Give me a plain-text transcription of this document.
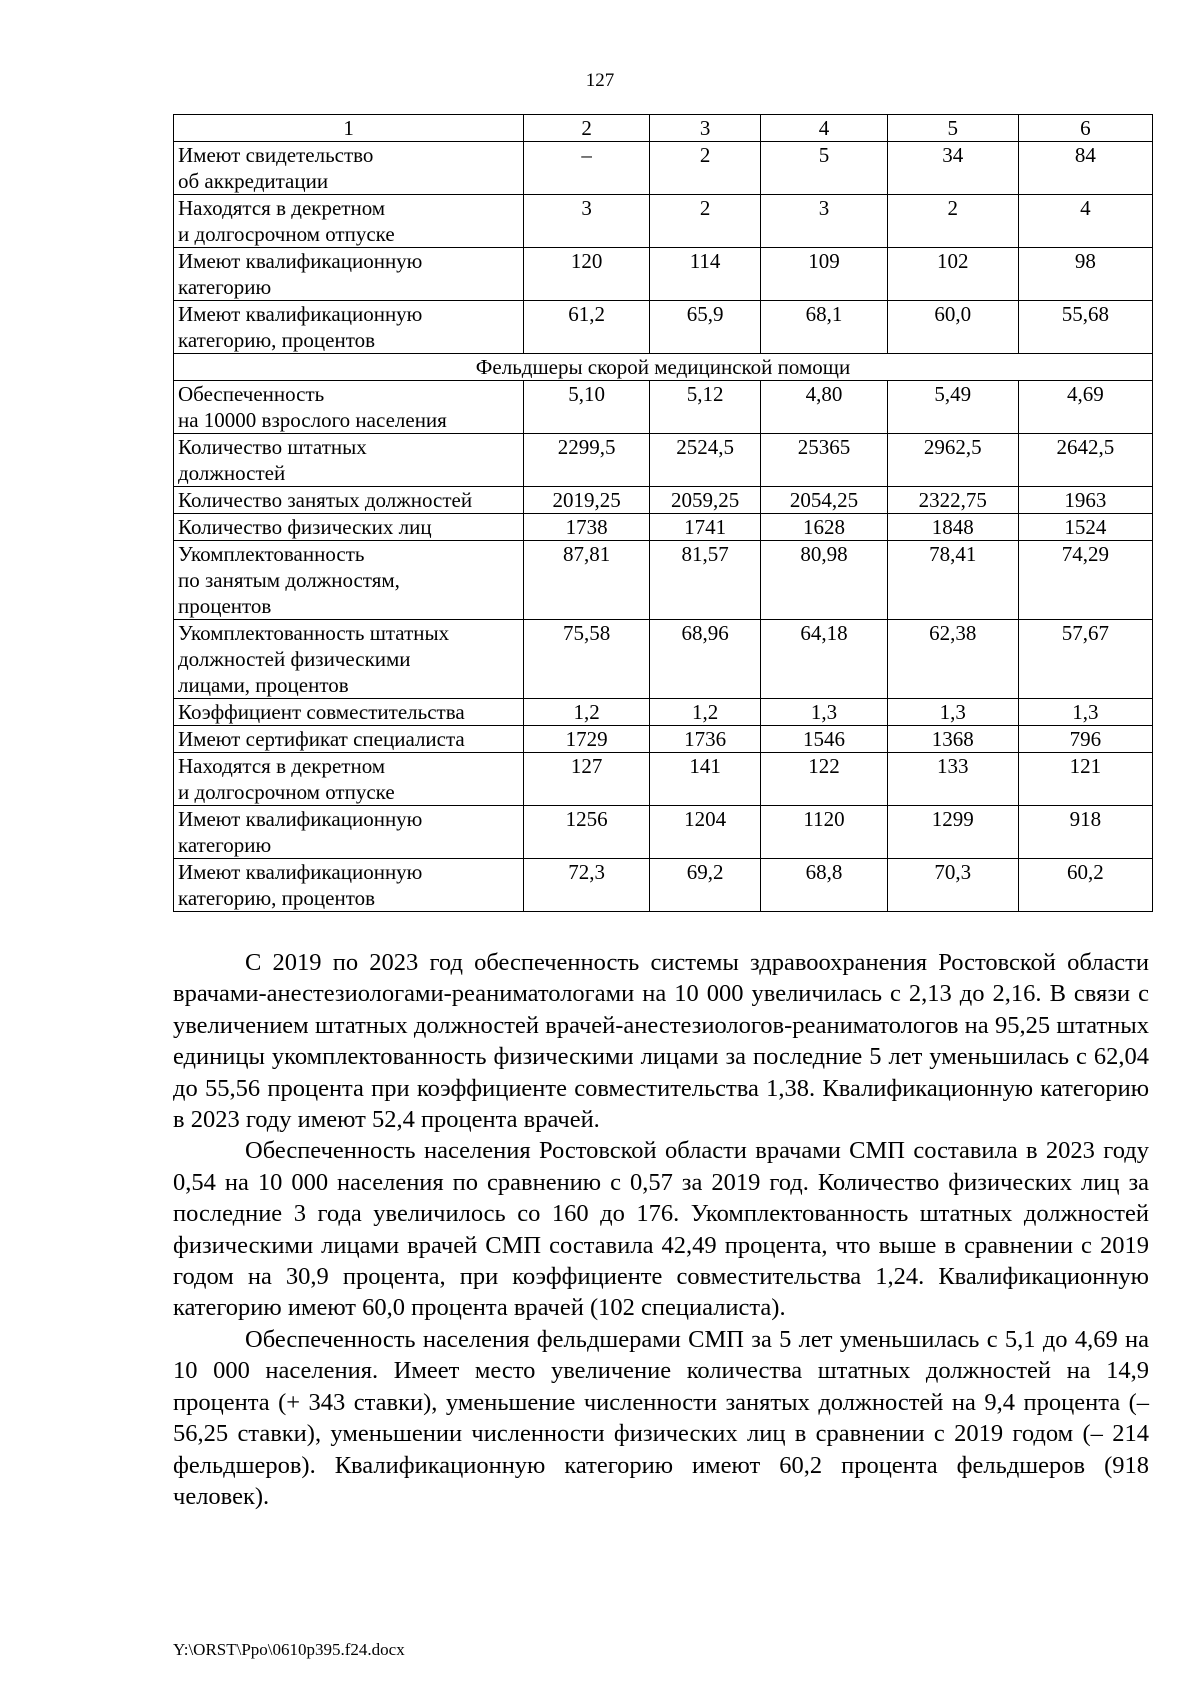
127
1	2	3	4	5	6
Имеют свидетельство
об аккредитации	–	2	5	34	84
Находятся в декретном
и долгосрочном отпуске	3	2	3	2	4
Имеют квалификационную
категорию	120	114	109	102	98
Имеют квалификационную
категорию, процентов	61,2	65,9	68,1	60,0	55,68
Фельдшеры скорой медицинской помощи					
Обеспеченность
на 10000 взрослого населения	5,10	5,12	4,80	5,49	4,69
Количество штатных
должностей	2299,5	2524,5	25365	2962,5	2642,5
Количество занятых должностей	2019,25	2059,25	2054,25	2322,75	1963
Количество физических лиц	1738	1741	1628	1848	1524
Укомплектованность
по занятым должностям,
процентов	87,81	81,57	80,98	78,41	74,29
Укомплектованность штатных
должностей физическими
лицами, процентов	75,58	68,96	64,18	62,38	57,67
Коэффициент совместительства	1,2	1,2	1,3	1,3	1,3
Имеют сертификат специалиста	1729	1736	1546	1368	796
Находятся в декретном
и долгосрочном отпуске	127	141	122	133	121
Имеют квалификационную
категорию	1256	1204	1120	1299	918
Имеют квалификационную
категорию, процентов	72,3	69,2	68,8	70,3	60,2

С 2019 по 2023 год обеспеченность системы здравоохранения Ростовской области врачами-анестезиологами-реаниматологами на 10 000 увеличилась с 2,13 до 2,16. В связи с увеличением штатных должностей врачей-анестезиологов-реаниматологов на 95,25 штатных единицы укомплектованность физическими лицами за последние 5 лет уменьшилась с 62,04 до 55,56 процента при коэффициенте совместительства 1,38. Квалификационную категорию в 2023 году имеют 52,4 процента врачей.

Обеспеченность населения Ростовской области врачами СМП составила в 2023 году 0,54 на 10 000 населения по сравнению с 0,57 за 2019 год. Количество физических лиц за последние 3 года увеличилось со 160 до 176. Укомплектованность штатных должностей физическими лицами врачей СМП составила 42,49 процента, что выше в сравнении с 2019 годом на 30,9 процента, при коэффициенте совместительства 1,24. Квалификационную категорию имеют 60,0 процента врачей (102 специалиста).

Обеспеченность населения фельдшерами СМП за 5 лет уменьшилась с 5,1 до 4,69 на 10 000 населения. Имеет место увеличение количества штатных должностей на 14,9 процента (+ 343 ставки), уменьшение численности занятых должностей на 9,4 процента (– 56,25 ставки), уменьшении численности физических лиц в сравнении с 2019 годом (– 214 фельдшеров). Квалификационную категорию имеют 60,2 процента фельдшеров (918 человек).

Y:\ORST\Ppo\0610p395.f24.docx
